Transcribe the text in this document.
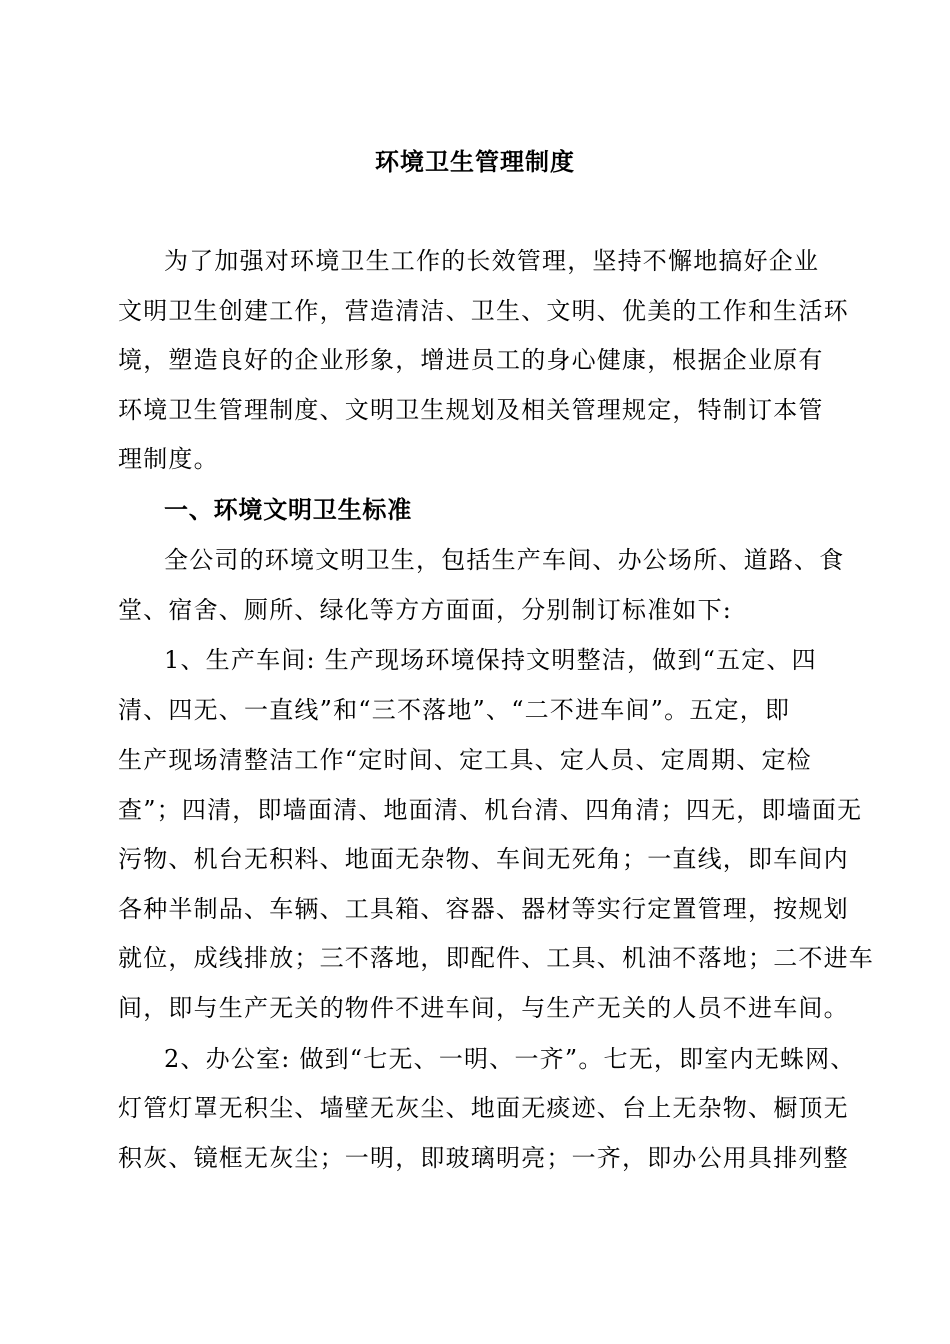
环境卫生管理制度
为了加强对环境卫生工作的长效管理，坚持不懈地搞好企业
文明卫生创建工作，营造清洁、卫生、文明、优美的工作和生活环
境，塑造良好的企业形象，增进员工的身心健康，根据企业原有
环境卫生管理制度、文明卫生规划及相关管理规定，特制订本管
理制度。
一、环境文明卫生标准
全公司的环境文明卫生，包括生产车间、办公场所、道路、食
堂、宿舍、厕所、绿化等方方面面，分别制订标准如下:
1、生产车间: 生产现场环境保持文明整洁，做到“五定、四
清、四无、一直线”和“三不落地”、“二不进车间”。五定，即
生产现场清整洁工作“定时间、定工具、定人员、定周期、定检
查”；四清，即墙面清、地面清、机台清、四角清；四无，即墙面无
污物、机台无积料、地面无杂物、车间无死角；一直线，即车间内
各种半制品、车辆、工具箱、容器、器材等实行定置管理，按规划
就位，成线排放；三不落地，即配件、工具、机油不落地；二不进车
间，即与生产无关的物件不进车间，与生产无关的人员不进车间。
2、办公室: 做到“七无、一明、一齐”。七无，即室内无蛛网、
灯管灯罩无积尘、墙壁无灰尘、地面无痰迹、台上无杂物、橱顶无
积灰、镜框无灰尘；一明，即玻璃明亮；一齐，即办公用具排列整
